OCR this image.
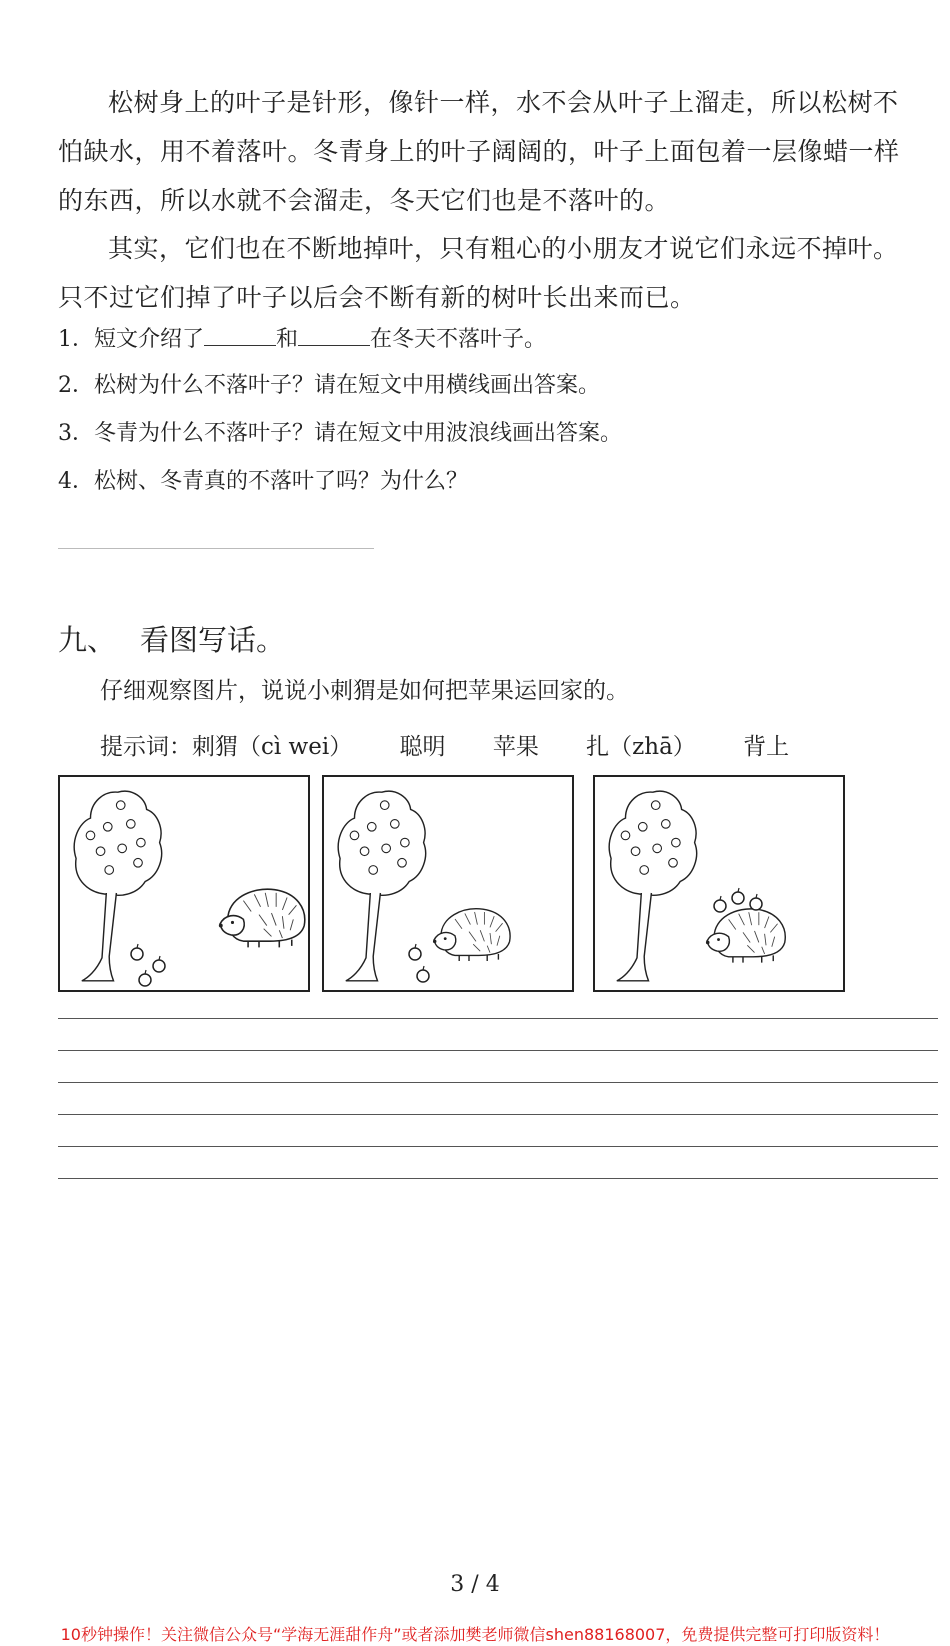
松树身上的叶子是针形，像针一样，水不会从叶子上溜走，所以松树不怕缺水，用不着落叶。冬青身上的叶子阔阔的，叶子上面包着一层像蜡一样的东西，所以水就不会溜走，冬天它们也是不落叶的。
其实，它们也在不断地掉叶，只有粗心的小朋友才说它们永远不掉叶。只不过它们掉了叶子以后会不断有新的树叶长出来而已。
1．短文介绍了	和	在冬天不落叶子。
2．松树为什么不落叶子？请在短文中用横线画出答案。
3．冬青为什么不落叶子？请在短文中用波浪线画出答案。
4．松树、冬青真的不落叶了吗？为什么？
九、 看图写话。
仔细观察图片，说说小刺猬是如何把苹果运回家的。
提示词：刺猬（cì wei） 聪明 苹果 扎（zhā） 背上
3 / 4
10秒钟操作！关注微信公众号“学海无涯甜作舟”或者添加樊老师微信shen88168007，免费提供完整可打印版资料！
